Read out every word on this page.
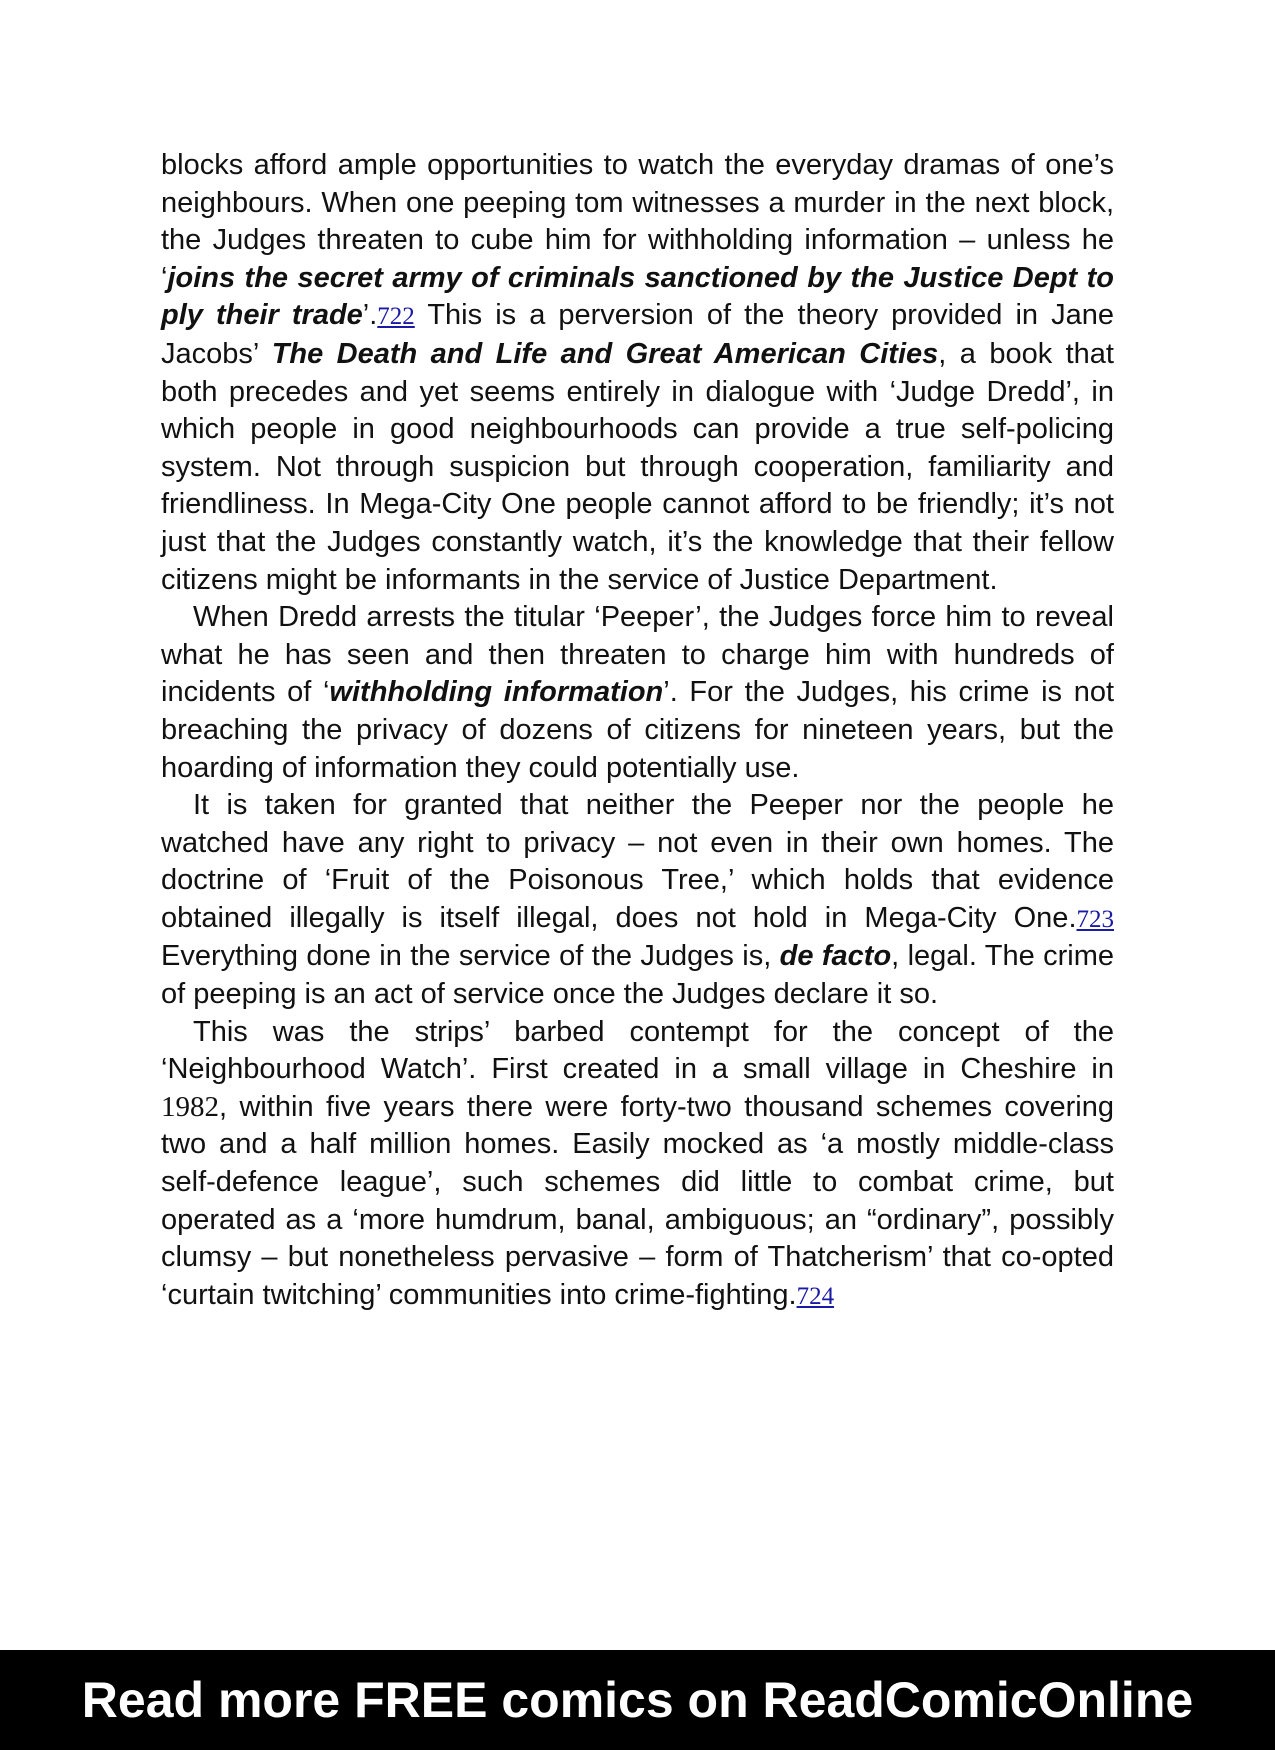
blocks afford ample opportunities to watch the everyday dramas of one’s neighbours. When one peeping tom witnesses a murder in the next block, the Judges threaten to cube him for withholding information – unless he ‘joins the secret army of criminals sanctioned by the Justice Dept to ply their trade’.722 This is a perversion of the theory provided in Jane Jacobs’ The Death and Life and Great American Cities, a book that both precedes and yet seems entirely in dialogue with ‘Judge Dredd’, in which people in good neighbourhoods can provide a true self-policing system. Not through suspicion but through cooperation, familiarity and friendliness. In Mega-City One people cannot afford to be friendly; it’s not just that the Judges constantly watch, it’s the knowledge that their fellow citizens might be informants in the service of Justice Department.

When Dredd arrests the titular ‘Peeper’, the Judges force him to reveal what he has seen and then threaten to charge him with hundreds of incidents of ‘withholding information’. For the Judges, his crime is not breaching the privacy of dozens of citizens for nineteen years, but the hoarding of information they could potentially use.

It is taken for granted that neither the Peeper nor the people he watched have any right to privacy – not even in their own homes. The doctrine of ‘Fruit of the Poisonous Tree,’ which holds that evidence obtained illegally is itself illegal, does not hold in Mega-City One.723 Everything done in the service of the Judges is, de facto, legal. The crime of peeping is an act of service once the Judges declare it so.

This was the strips’ barbed contempt for the concept of the ‘Neighbourhood Watch’. First created in a small village in Cheshire in 1982, within five years there were forty-two thousand schemes covering two and a half million homes. Easily mocked as ‘a mostly middle-class self-defence league’, such schemes did little to combat crime, but operated as a ‘more humdrum, banal, ambiguous; an “ordinary”, possibly clumsy – but nonetheless pervasive – form of Thatcherism’ that co-opted ‘curtain twitching’ communities into crime-fighting.724

Read more FREE comics on ReadComicOnline
